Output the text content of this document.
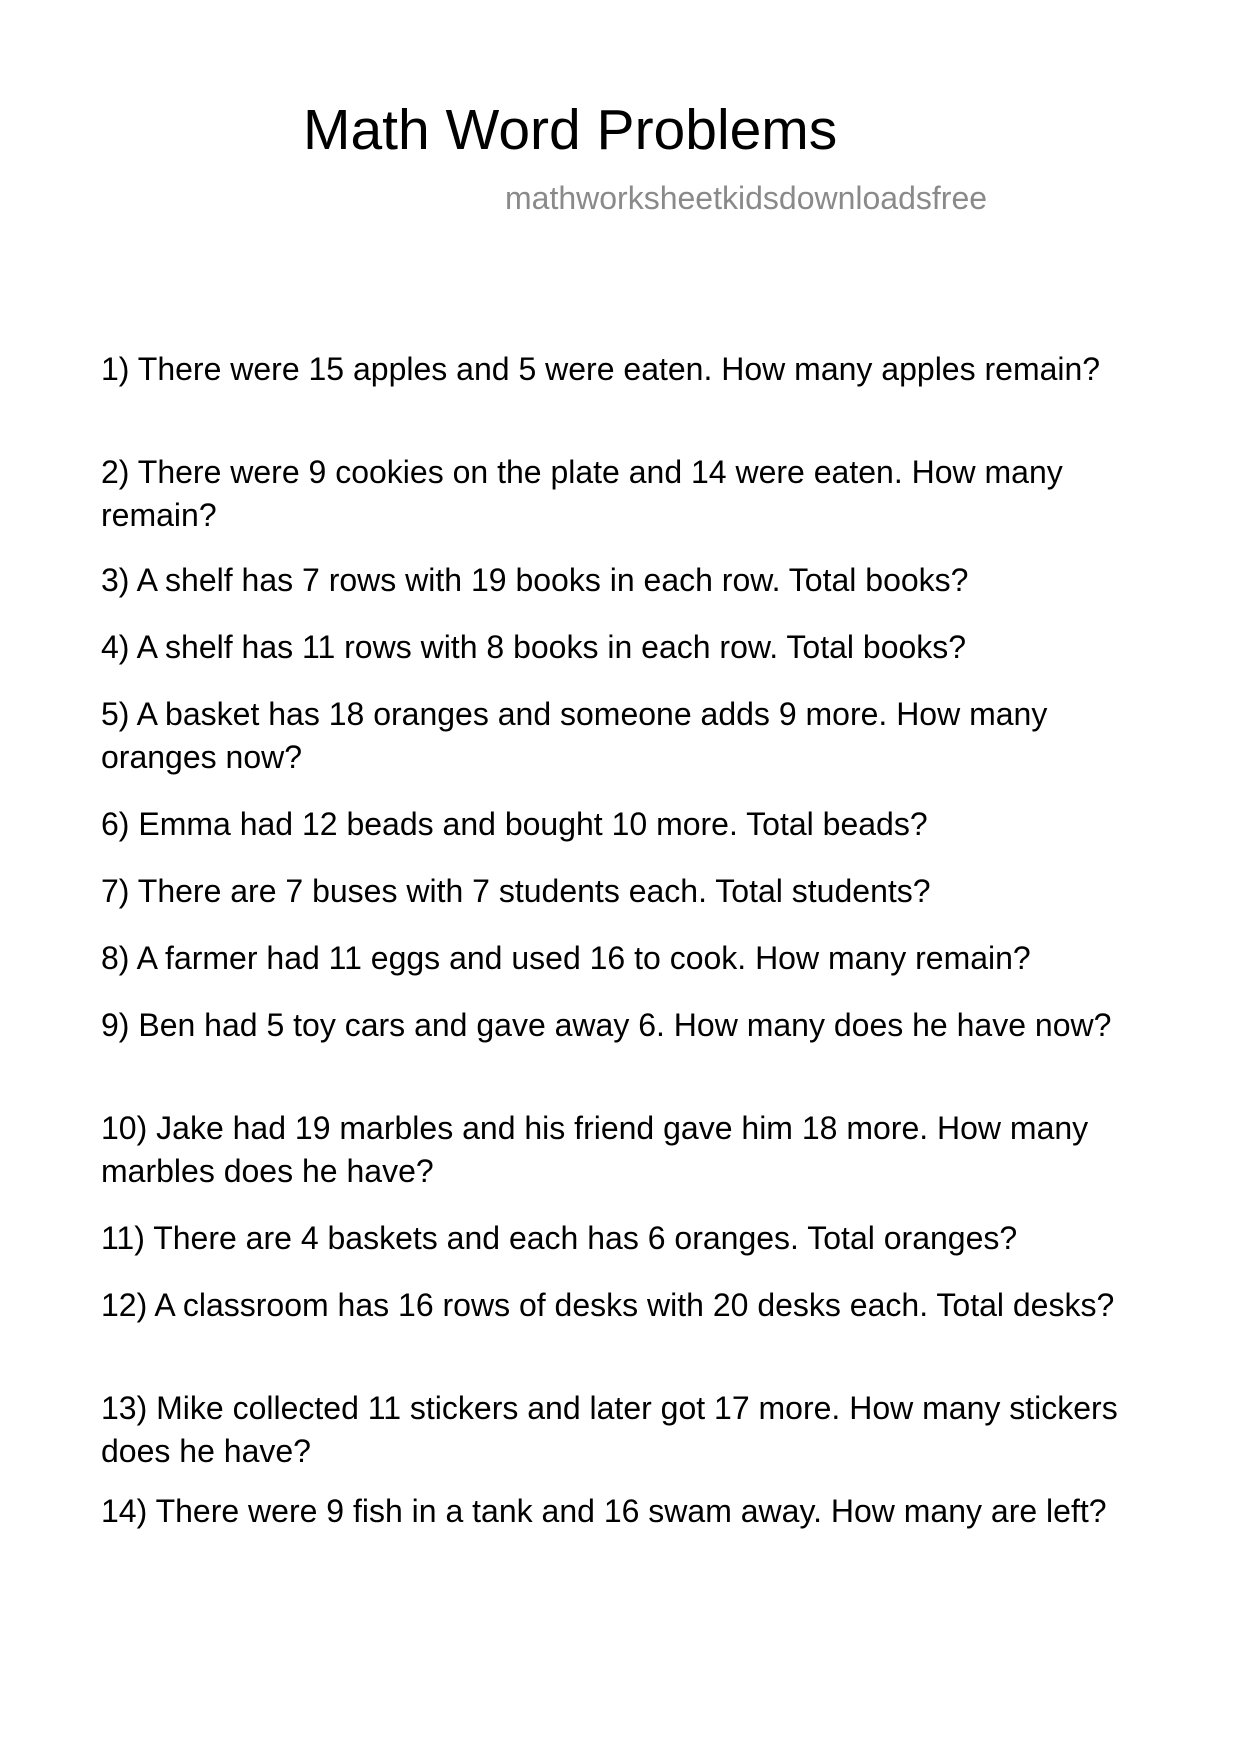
Math Word Problems
mathworksheetkidsdownloadsfree
1) There were 15 apples and 5 were eaten. How many apples remain?
2) There were 9 cookies on the plate and 14 were eaten. How many remain?
3) A shelf has 7 rows with 19 books in each row. Total books?
4) A shelf has 11 rows with 8 books in each row. Total books?
5) A basket has 18 oranges and someone adds 9 more. How many oranges now?
6) Emma had 12 beads and bought 10 more. Total beads?
7) There are 7 buses with 7 students each. Total students?
8) A farmer had 11 eggs and used 16 to cook. How many remain?
9) Ben had 5 toy cars and gave away 6. How many does he have now?
10) Jake had 19 marbles and his friend gave him 18 more. How many marbles does he have?
11) There are 4 baskets and each has 6 oranges. Total oranges?
12) A classroom has 16 rows of desks with 20 desks each. Total desks?
13) Mike collected 11 stickers and later got 17 more. How many stickers does he have?
14) There were 9 fish in a tank and 16 swam away. How many are left?
